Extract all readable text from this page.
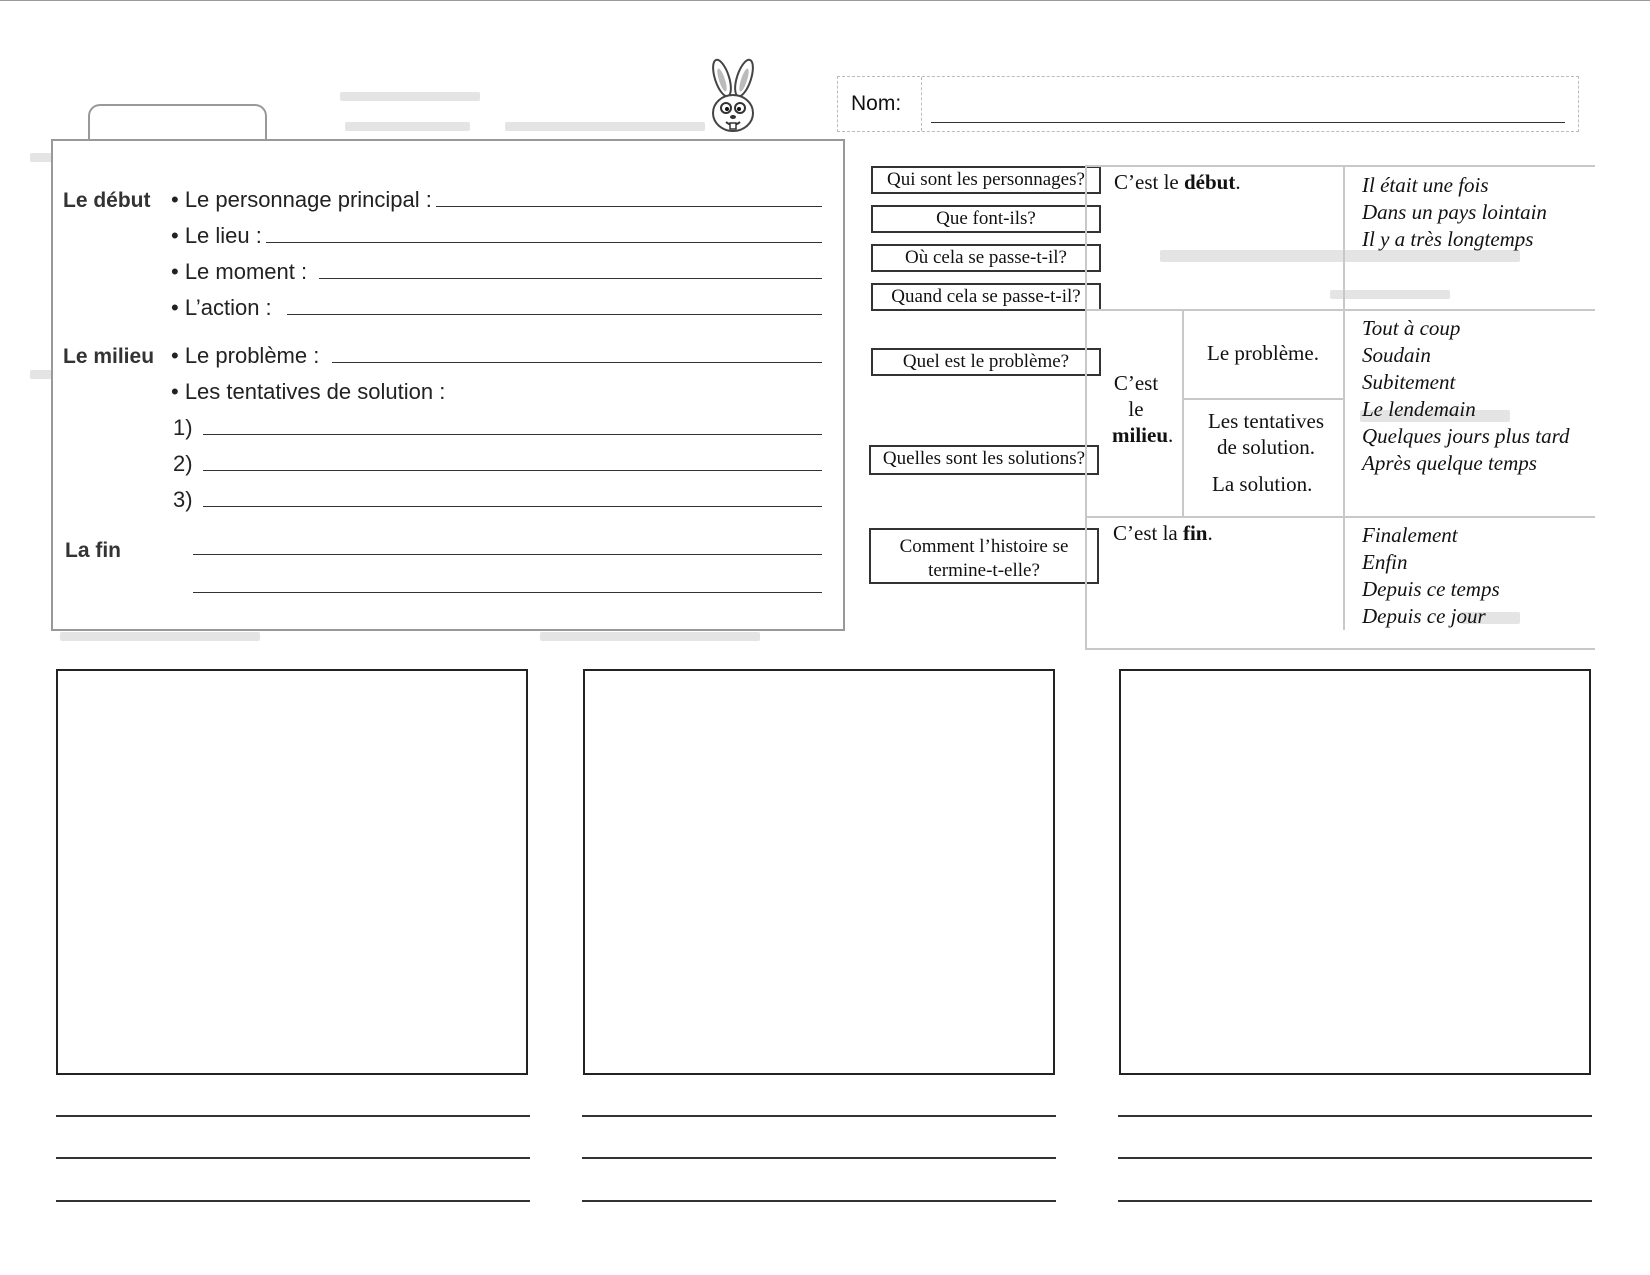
Le début • Le personnage principal :
• Le lieu :
• Le moment :
• L’action :
Le milieu • Le problème :
• Les tentatives de solution :
1)
2)
3)
La fin
Nom:
Qui sont les personnages?
Que font-ils?
Où cela se passe-t-il?
Quand cela se passe-t-il?
Quel est le problème?
Quelles sont les solutions?
Comment l’histoire se termine-t-elle?
C’est le début.
C’est
le
milieu.
C’est la fin.
Le problème.
Les tentatives
de solution.
La solution.
Il était une fois
Dans un pays lointain
Il y a très longtemps
Tout à coup
Soudain
Subitement
Le lendemain
Quelques jours plus tard
Après quelque temps
Finalement
Enfin
Depuis ce temps
Depuis ce jour
